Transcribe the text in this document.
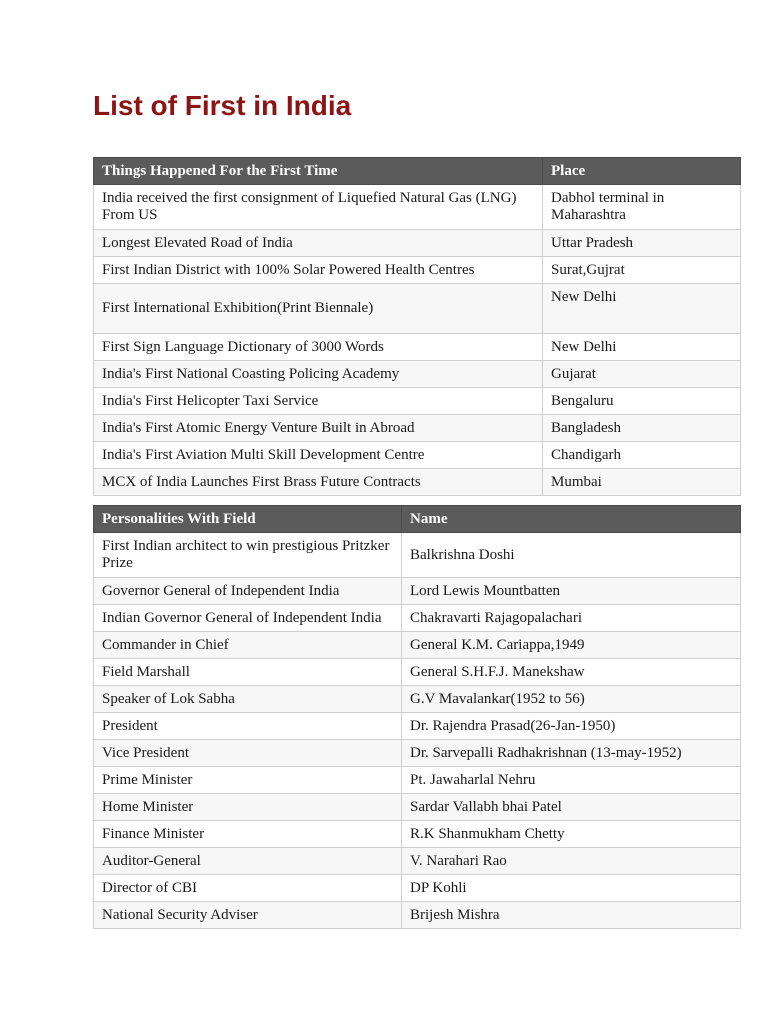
List of First in India
Things Happened For the First Time	Place
India received the first consignment of Liquefied Natural Gas (LNG) From US	Dabhol terminal in Maharashtra
Longest Elevated Road of India	Uttar Pradesh
First Indian District with 100% Solar Powered Health Centres	Surat,Gujrat
First International Exhibition(Print Biennale)	New Delhi
First Sign Language Dictionary of 3000 Words	New Delhi
India's First National Coasting Policing Academy	Gujarat
India's First Helicopter Taxi Service	Bengaluru
India's First Atomic Energy Venture Built in Abroad	Bangladesh
India's First Aviation Multi Skill Development Centre	Chandigarh
MCX of India Launches First Brass Future Contracts	Mumbai
Personalities With Field	Name
First Indian architect to win prestigious Pritzker Prize	Balkrishna Doshi
Governor General of Independent India	Lord Lewis Mountbatten
Indian Governor General of Independent India	Chakravarti Rajagopalachari
Commander in Chief	General K.M. Cariappa,1949
Field Marshall	General S.H.F.J. Manekshaw
Speaker of Lok Sabha	G.V Mavalankar(1952 to 56)
President	Dr. Rajendra Prasad(26-Jan-1950)
Vice President	Dr. Sarvepalli Radhakrishnan (13-may-1952)
Prime Minister	Pt. Jawaharlal Nehru
Home Minister	Sardar Vallabh bhai Patel
Finance Minister	R.K Shanmukham Chetty
Auditor-General	V. Narahari Rao
Director of CBI	DP Kohli
National Security Adviser	Brijesh Mishra
